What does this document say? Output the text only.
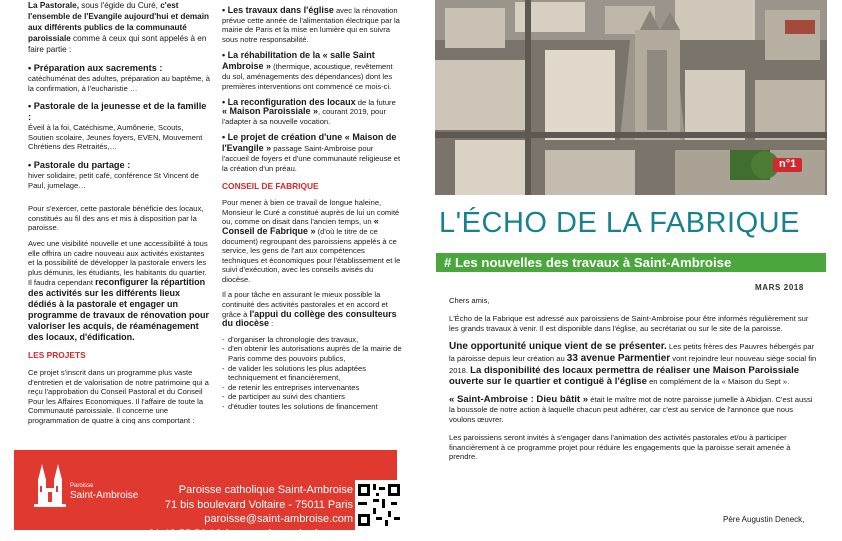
La Pastorale, sous l'égide du Curé, c'est l'ensemble de l'Evangile aujourd'hui et demain aux différents publics de la communauté paroissiale comme à ceux qui sont appelés à en faire partie :

• Préparation aux sacrements :

catéchuménat des adultes, préparation au baptême, à la confirmation, à l'eucharistie …

• Pastorale de la jeunesse et de la famille :

Éveil à la foi, Catéchisme, Aumônerie, Scouts, Soutien scolaire, Jeunes foyers, EVEN, Mouvement Chrétiens des Retraités,…

• Pastorale du partage :

hiver solidaire, petit café, conférence St Vincent de Paul, jumelage…

Pour s'exercer, cette pastorale bénéficie des locaux, constitués au fil des ans et mis à disposition par la paroisse.

Avec une visibilité nouvelle et une accessibilité à tous elle offrira un cadre nouveau aux activités existantes et la possibilité de développer la pastorale envers les plus démunis, les étudiants, les habitants du quartier. Il faudra cependant reconfigurer la répartition des activités sur les différents lieux dédiés à la pastorale et engager un programme de travaux de rénovation pour valoriser les acquis, de réaménagement des locaux, d'édification.

LES PROJETS

Ce projet s'inscrit dans un programme plus vaste d'entretien et de valorisation de notre patrimoine qui a reçu l'approbation du Conseil Pastoral et du Conseil Pour les Affaires Economiques. Il l'affaire de toute la Communauté paroissiale. Il concerne une programmation de quatre à cinq ans comportant :

• Les travaux dans l'église avec la rénovation prévue cette année de l'alimentation électrique par la mairie de Paris et la mise en lumière qui en suivra sous notre responsabilité.

• La réhabilitation de la « salle Saint Ambroise » (thermique, acoustique, revêtement du sol, aménagements des dépendances) dont les premières interventions ont commencé ce mois-ci.

• La reconfiguration des locaux de la future « Maison Paroissiale », courant 2019, pour l'adapter à sa nouvelle vocation.

• Le projet de création d'une « Maison de l'Evangile » passage Saint-Ambroise pour l'accueil de foyers et d'une communauté religieuse et la création d'un préau.

CONSEIL DE FABRIQUE

Pour mener à bien ce travail de longue haleine, Monsieur le Curé a constitué auprès de lui un comité ou, comme on disait dans l'ancien temps, un « Conseil de Fabrique » (d'où le titre de ce document) regroupant des paroissiens appelés à ce service, les gens de l'art aux compétences techniques et économiques pour l'établissement et le suivi d'exécution, avec les conseils avisés du diocèse.

Il a pour tâche en assurant le mieux possible la continuité des activités pastorales et en accord et grâce à l'appui du collège des consulteurs du diocèse :

- d'organiser la chronologie des travaux,
- d'en obtenir les autorisations auprès de la mairie de Paris comme des pouvoirs publics,
- de valider les solutions les plus adaptées techniquement et financièrement,
- de retenir les entreprises intervenantes
- de participer au suivi des chantiers
- d'étudier toutes les solutions de financement
Paroisse
Saint-Ambroise	Paroisse catholique Saint-Ambroise
71 bis boulevard Voltaire - 75011 Paris
paroisse@saint-ambroise.com
01 43 55 56 18 / www.saint-ambroise.com
n°1
L'ÉCHO DE LA FABRIQUE
# Les nouvelles des travaux à Saint-Ambroise
MARS 2018

Chers amis,

L'Écho de la Fabrique est adressé aux paroissiens de Saint-Ambroise pour être informés régulièrement sur les grands travaux à venir. Il est disponible dans l'église, au secrétariat ou sur le site de la paroisse.

Une opportunité unique vient de se présenter. Les petits frères des Pauvres hébergés par la paroisse depuis leur création au 33 avenue Parmentier vont rejoindre leur nouveau siège social fin 2018. La disponibilité des locaux permettra de réaliser une Maison Paroissiale ouverte sur le quartier et contiguë à l'église en complément de la « Maison du Sept ».

« Saint-Ambroise : Dieu bâtit » était le maître mot de notre paroisse jumelle à Abidjan. C'est aussi la boussole de notre action à laquelle chacun peut adhérer, car c'est au service de l'annonce que nous voulons œuvrer.

Les paroissiens seront invités à s'engager dans l'animation des activités pastorales et/ou à participer financièrement à ce programme projet pour réduire les engagements que la paroisse serait amenée à prendre.

Père Augustin Deneck,
